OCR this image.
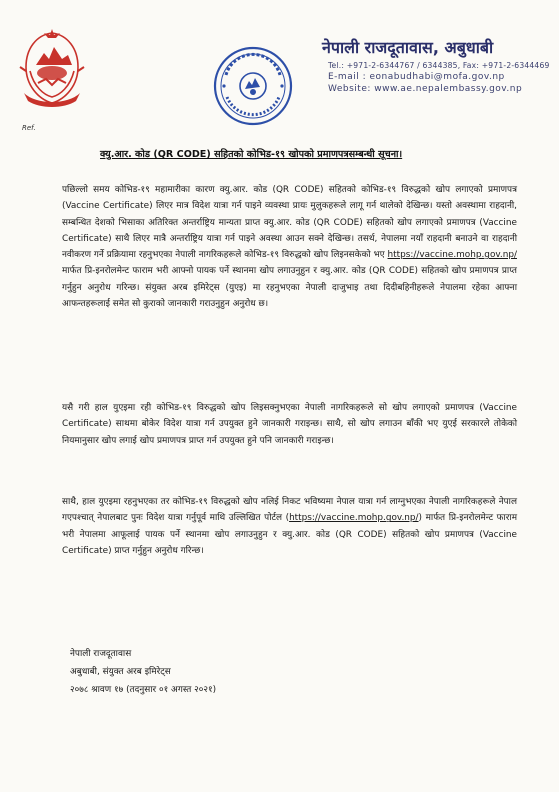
नेपाली राजदूतावास, अबुधाबी
Tel.: +971-2-6344767 / 6344385, Fax: +971-2-6344469
E-mail : eonabudhabi@mofa.gov.np
Website: www.ae.nepalembassy.gov.np
Ref.
क्यु.आर. कोड (QR CODE) सहितको कोभिड-१९ खोपको प्रमाणपत्रसम्बन्धी सूचना।
पछिल्लो समय कोभिड-१९ महामारीका कारण क्यु.आर. कोड (QR CODE) सहितको कोभिड-१९ विरुद्धको खोप लगाएको प्रमाणपत्र (Vaccine Certificate) लिएर मात्र विदेश यात्रा गर्न पाइने व्यवस्था प्रायः मुलुकहरूले लागू गर्न थालेको देखिन्छ। यस्तो अवस्थामा राहदानी, सम्बन्धित देशको भिसाका अतिरिक्त अन्तर्राष्ट्रिय मान्यता प्राप्त क्यु.आर. कोड (QR CODE) सहितको खोप लगाएको प्रमाणपत्र (Vaccine Certificate) साथै लिएर मात्रै अन्तर्राष्ट्रिय यात्रा गर्न पाइने अवस्था आउन सक्ने देखिन्छ। तसर्थ, नेपालमा नयाँ राहदानी बनाउने वा राहदानी नवीकरण गर्ने प्रक्रियामा रहनुभएका नेपाली नागरिकहरूले कोभिड-१९ विरुद्धको खोप लिइनसकेको भए https://vaccine.mohp.gov.np/ मार्फत प्रि-इनरोलमेन्ट फाराम भरी आफ्नो पायक पर्ने स्थानमा खोप लगाउनुहुन र क्यु.आर. कोड (QR CODE) सहितको खोप प्रमाणपत्र प्राप्त गर्नुहुन अनुरोध गरिन्छ। संयुक्त अरब इमिरेट्स (युएइ) मा रहनुभएका नेपाली दाजुभाइ तथा दिदीबहिनीहरूले नेपालमा रहेका आफ्ना आफन्तहरूलाई समेत सो कुराको जानकारी गराउनुहुन अनुरोध छ।
यसै गरी हाल युएइमा रही कोभिड-१९ विरुद्धको खोप लिइसक्नुभएका नेपाली नागरिकहरूले सो खोप लगाएको प्रमाणपत्र (Vaccine Certificate) साथमा बोकेर विदेश यात्रा गर्न उपयुक्त हुने जानकारी गराइन्छ। साथै, सो खोप लगाउन बाँकी भए युएई सरकारले तोकेको नियमानुसार खोप लगाई खोप प्रमाणपत्र प्राप्त गर्न उपयुक्त हुने पनि जानकारी गराइन्छ।
साथै, हाल युएइमा रहनुभएका तर कोभिड-१९ विरुद्धको खोप नलिई निकट भविष्यमा नेपाल यात्रा गर्न लाग्नुभएका नेपाली नागरिकहरूले नेपाल गएपश्चात् नेपालबाट पुनः विदेश यात्रा गर्नुपूर्व माथि उल्लिखित पोर्टल (https://vaccine.mohp.gov.np/) मार्फत प्रि-इनरोलमेन्ट फाराम भरी नेपालमा आफूलाई पायक पर्ने स्थानमा खोप लगाउनुहुन र क्यु.आर. कोड (QR CODE) सहितको खोप प्रमाणपत्र (Vaccine Certificate) प्राप्त गर्नुहुन अनुरोध गरिन्छ।
नेपाली राजदूतावास
अबुधाबी, संयुक्त अरब इमिरेट्स
२०७८ श्रावण १७ (तदनुसार ०१ अगस्त २०२१)
